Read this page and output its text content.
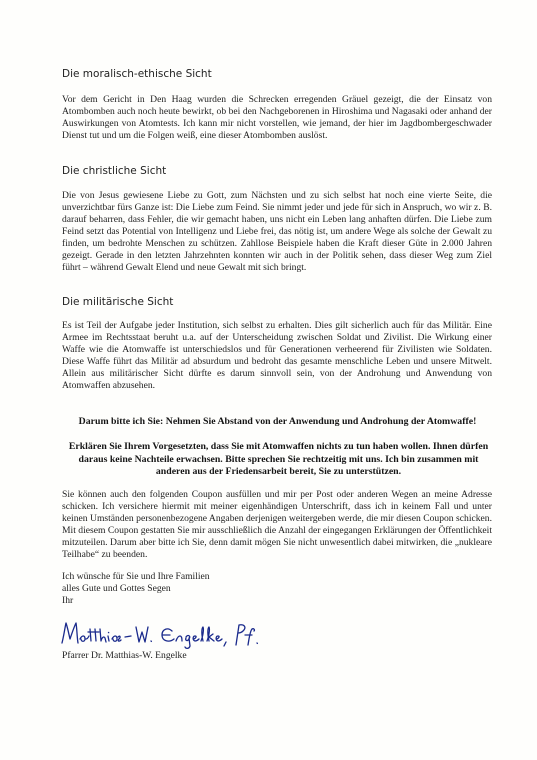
Die moralisch-ethische Sicht
Vor dem Gericht in Den Haag wurden die Schrecken erregenden Gräuel gezeigt, die der Einsatz von Atombomben auch noch heute bewirkt, ob bei den Nachgeborenen in Hiroshima und Nagasaki oder anhand der Auswirkungen von Atomtests. Ich kann mir nicht vorstellen, wie jemand, der hier im Jagdbombergeschwader Dienst tut und um die Folgen weiß, eine dieser Atombomben auslöst.
Die christliche Sicht
Die von Jesus gewiesene Liebe zu Gott, zum Nächsten und zu sich selbst hat noch eine vierte Seite, die unverzichtbar fürs Ganze ist: Die Liebe zum Feind. Sie nimmt jeder und jede für sich in Anspruch, wo wir z. B. darauf beharren, dass Fehler, die wir gemacht haben, uns nicht ein Leben lang anhaften dürfen. Die Liebe zum Feind setzt das Potential von Intelligenz und Liebe frei, das nötig ist, um andere Wege als solche der Gewalt zu finden, um bedrohte Menschen zu schützen. Zahllose Beispiele haben die Kraft dieser Güte in 2.000 Jahren gezeigt. Gerade in den letzten Jahrzehnten konnten wir auch in der Politik sehen, dass dieser Weg zum Ziel führt – während Gewalt Elend und neue Gewalt mit sich bringt.
Die militärische Sicht
Es ist Teil der Aufgabe jeder Institution, sich selbst zu erhalten. Dies gilt sicherlich auch für das Militär. Eine Armee im Rechtsstaat beruht u.a. auf der Unterscheidung zwischen Soldat und Zivilist. Die Wirkung einer Waffe wie die Atomwaffe ist unterschiedslos und für Generationen verheerend für Zivilisten wie Soldaten. Diese Waffe führt das Militär ad absurdum und bedroht das gesamte menschliche Leben und unsere Mitwelt. Allein aus militärischer Sicht dürfte es darum sinnvoll sein, von der Androhung und Anwendung von Atomwaffen abzusehen.
Darum bitte ich Sie: Nehmen Sie Abstand von der Anwendung und Androhung der Atomwaffe!
Erklären Sie Ihrem Vorgesetzten, dass Sie mit Atomwaffen nichts zu tun haben wollen. Ihnen dürfen daraus keine Nachteile erwachsen. Bitte sprechen Sie rechtzeitig mit uns. Ich bin zusammen mit anderen aus der Friedensarbeit bereit, Sie zu unterstützen.
Sie können auch den folgenden Coupon ausfüllen und mir per Post oder anderen Wegen an meine Adresse schicken. Ich versichere hiermit mit meiner eigenhändigen Unterschrift, dass ich in keinem Fall und unter keinen Umständen personenbezogene Angaben derjenigen weitergeben werde, die mir diesen Coupon schicken. Mit diesem Coupon gestatten Sie mir ausschließlich die Anzahl der eingegangen Erklärungen der Öffentlichkeit mitzuteilen. Darum aber bitte ich Sie, denn damit mögen Sie nicht unwesentlich dabei mitwirken, die „nukleare Teilhabe“ zu beenden.
Ich wünsche für Sie und Ihre Familien
alles Gute und Gottes Segen
Ihr
Pfarrer Dr. Matthias-W. Engelke
